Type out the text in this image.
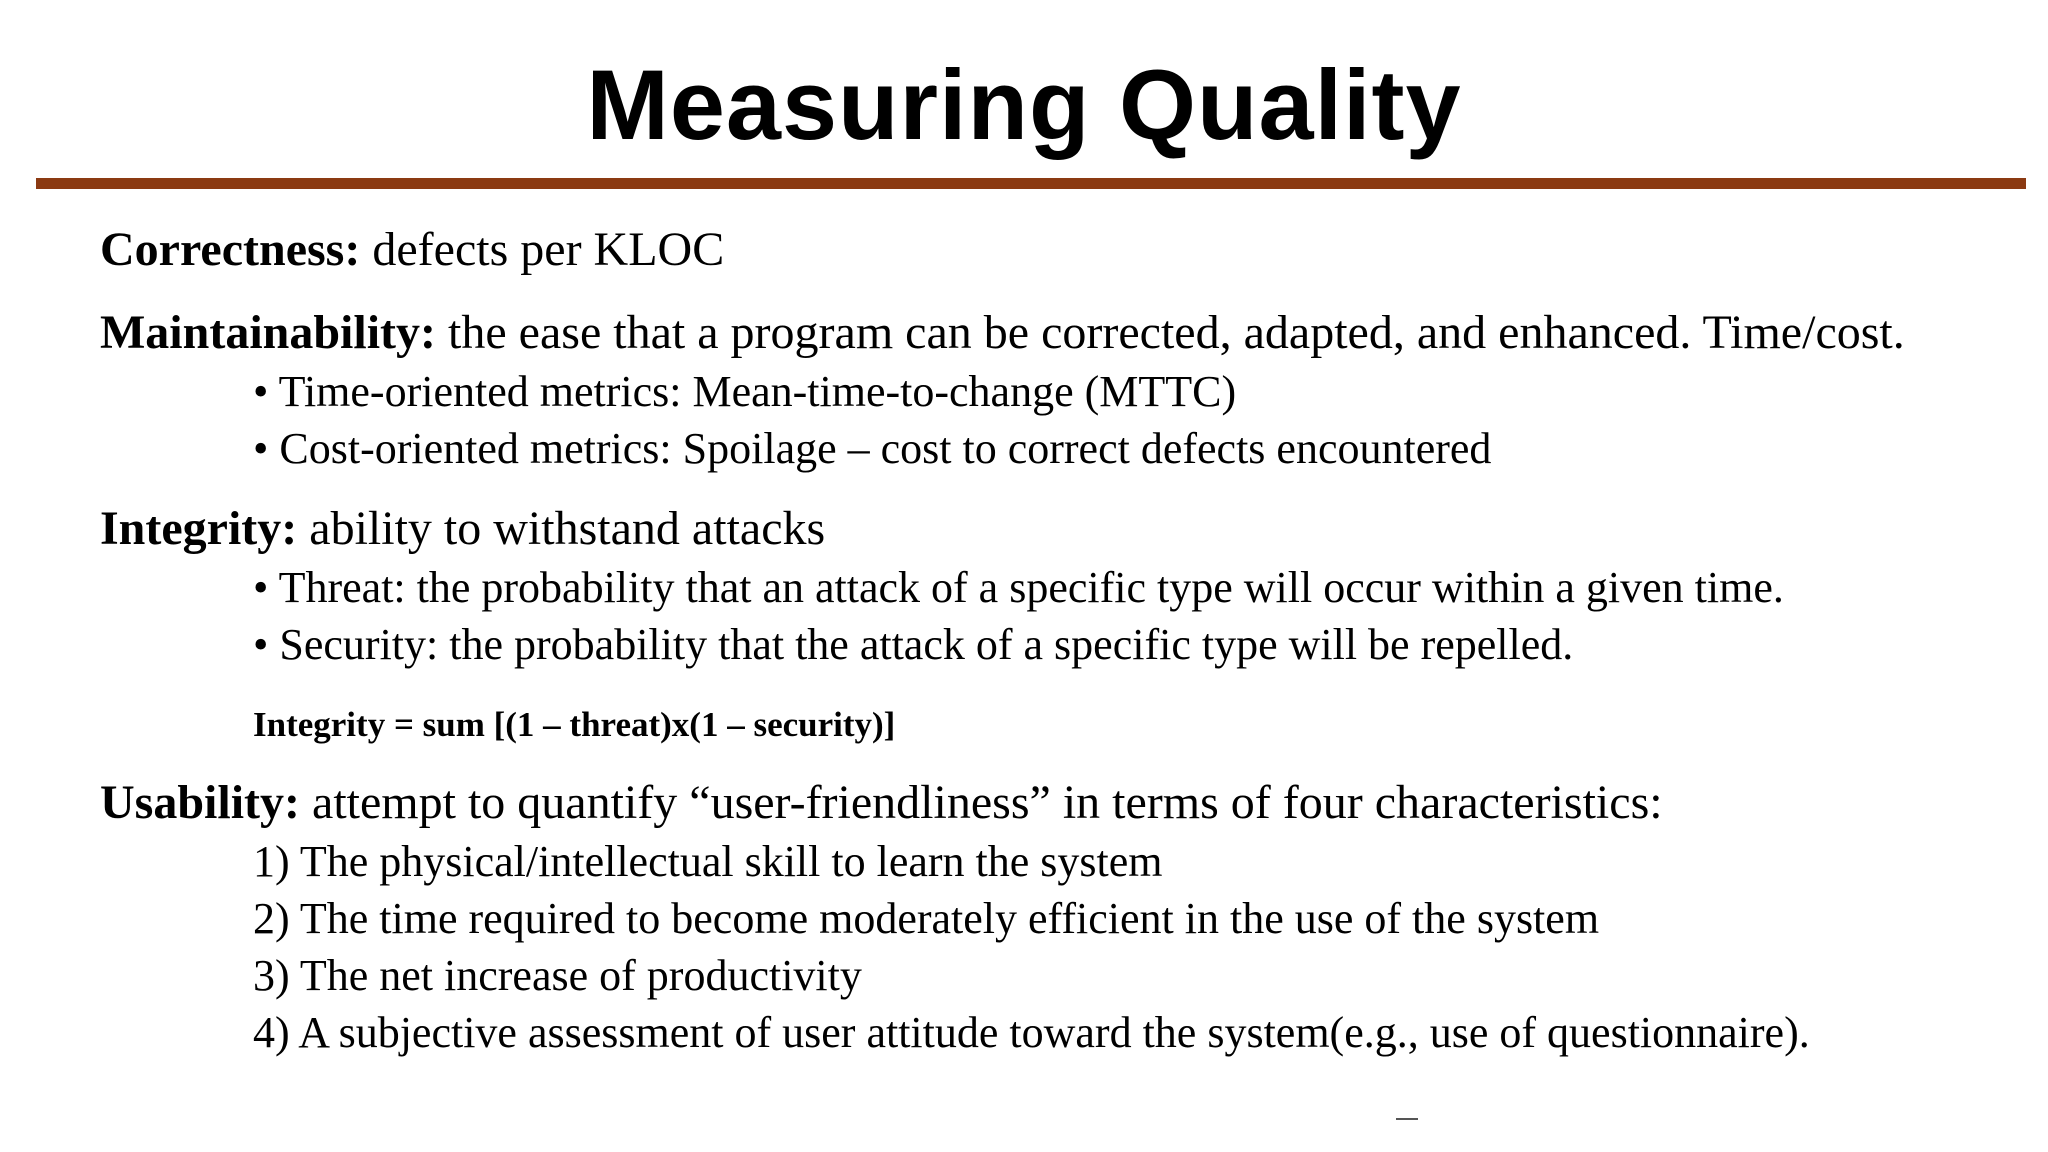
Measuring Quality
Correctness: defects per KLOC
Maintainability: the ease that a program can be corrected, adapted, and enhanced. Time/cost.
• Time-oriented metrics: Mean-time-to-change (MTTC)
• Cost-oriented metrics: Spoilage – cost to correct defects encountered
Integrity: ability to withstand attacks
• Threat: the probability that an attack of a specific type will occur within a given time.
• Security: the probability that the attack of a specific type will be repelled.
Integrity = sum [(1 – threat)x(1 – security)]
Usability: attempt to quantify “user-friendliness” in terms of four characteristics:
1) The physical/intellectual skill to learn the system
2) The time required to become moderately efficient in the use of the system
3) The net increase of productivity
4) A subjective assessment of user attitude toward the system(e.g., use of questionnaire).
